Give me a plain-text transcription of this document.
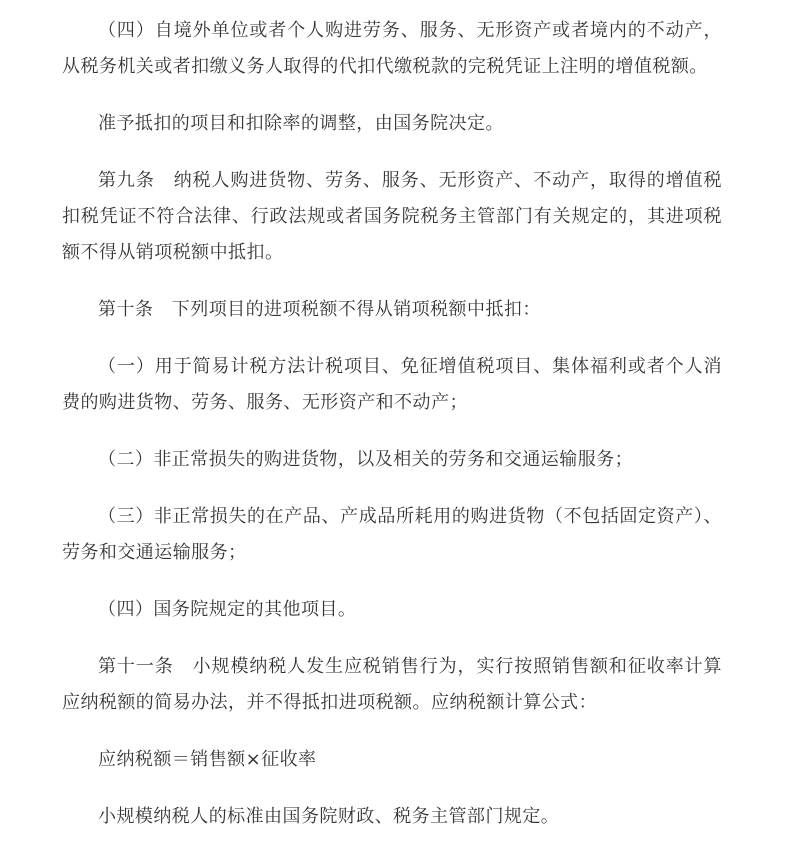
（四）自境外单位或者个人购进劳务、服务、无形资产或者境内的不动产，从税务机关或者扣缴义务人取得的代扣代缴税款的完税凭证上注明的增值税额。

准予抵扣的项目和扣除率的调整，由国务院决定。

第九条　纳税人购进货物、劳务、服务、无形资产、不动产，取得的增值税扣税凭证不符合法律、行政法规或者国务院税务主管部门有关规定的，其进项税额不得从销项税额中抵扣。

第十条　下列项目的进项税额不得从销项税额中抵扣：

（一）用于简易计税方法计税项目、免征增值税项目、集体福利或者个人消费的购进货物、劳务、服务、无形资产和不动产；

（二）非正常损失的购进货物，以及相关的劳务和交通运输服务；

（三）非正常损失的在产品、产成品所耗用的购进货物（不包括固定资产）、劳务和交通运输服务；

（四）国务院规定的其他项目。

第十一条　小规模纳税人发生应税销售行为，实行按照销售额和征收率计算应纳税额的简易办法，并不得抵扣进项税额。应纳税额计算公式：

应纳税额＝销售额×征收率

小规模纳税人的标准由国务院财政、税务主管部门规定。
